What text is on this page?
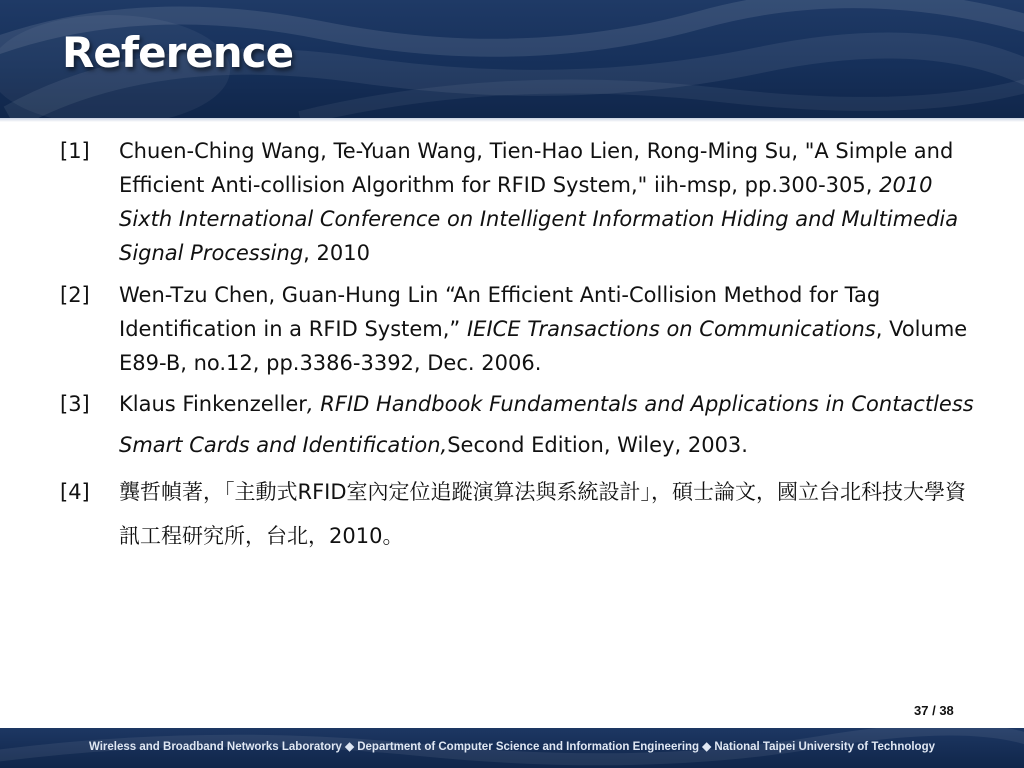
Reference
[1]	Chuen-Ching Wang, Te-Yuan Wang, Tien-Hao Lien, Rong-Ming Su, "A Simple and Efficient Anti-collision Algorithm for RFID System," iih-msp, pp.300-305, 2010 Sixth International Conference on Intelligent Information Hiding and Multimedia Signal Processing, 2010
[2]	Wen-Tzu Chen, Guan-Hung Lin “An Efficient Anti-Collision Method for Tag Identification in a RFID System,” IEICE Transactions on Communications, Volume E89-B, no.12, pp.3386-3392, Dec. 2006.
[3]	Klaus Finkenzeller, RFID Handbook Fundamentals and Applications in Contactless Smart Cards and Identification,Second Edition, Wiley, 2003.
[4]	龔哲幀著，「主動式RFID室內定位追蹤演算法與系統設計」，碩士論文，國立台北科技大學資訊工程研究所，台北，2010。
37 / 38
Wireless and Broadband Networks Laboratory ◆ Department of Computer Science and Information Engineering ◆ National Taipei University of Technology
